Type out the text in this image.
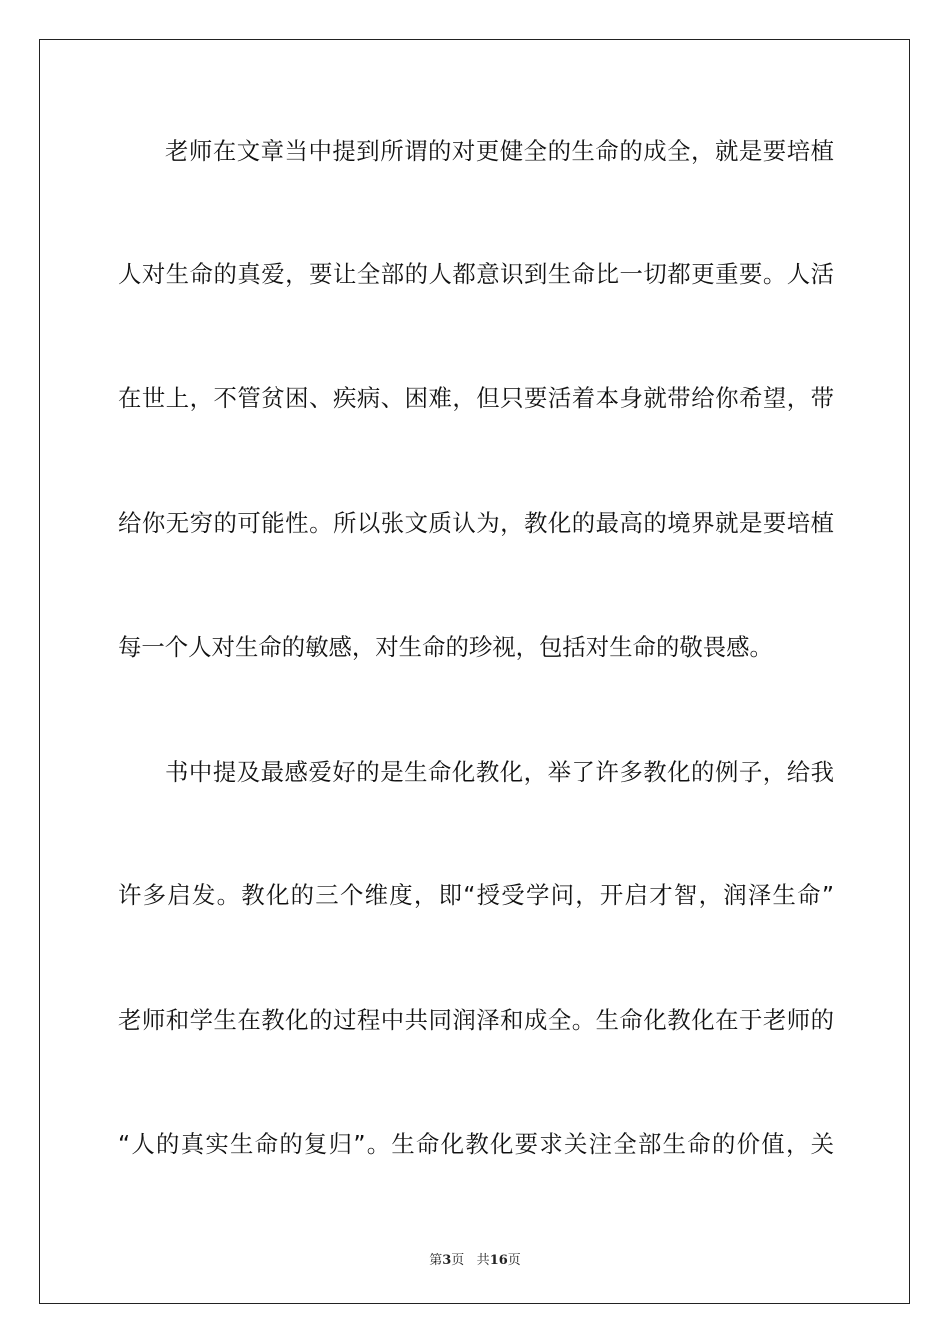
老师在文章当中提到所谓的对更健全的生命的成全，就是要培植
人对生命的真爱，要让全部的人都意识到生命比一切都更重要。人活
在世上，不管贫困、疾病、困难，但只要活着本身就带给你希望，带
给你无穷的可能性。所以张文质认为，教化的最高的境界就是要培植
每一个人对生命的敏感，对生命的珍视，包括对生命的敬畏感。
书中提及最感爱好的是生命化教化，举了许多教化的例子，给我
许多启发。教化的三个维度，即“授受学问，开启才智，润泽生命”
老师和学生在教化的过程中共同润泽和成全。生命化教化在于老师的
“人的真实生命的复归”。生命化教化要求关注全部生命的价值，关
第3页 共16页
